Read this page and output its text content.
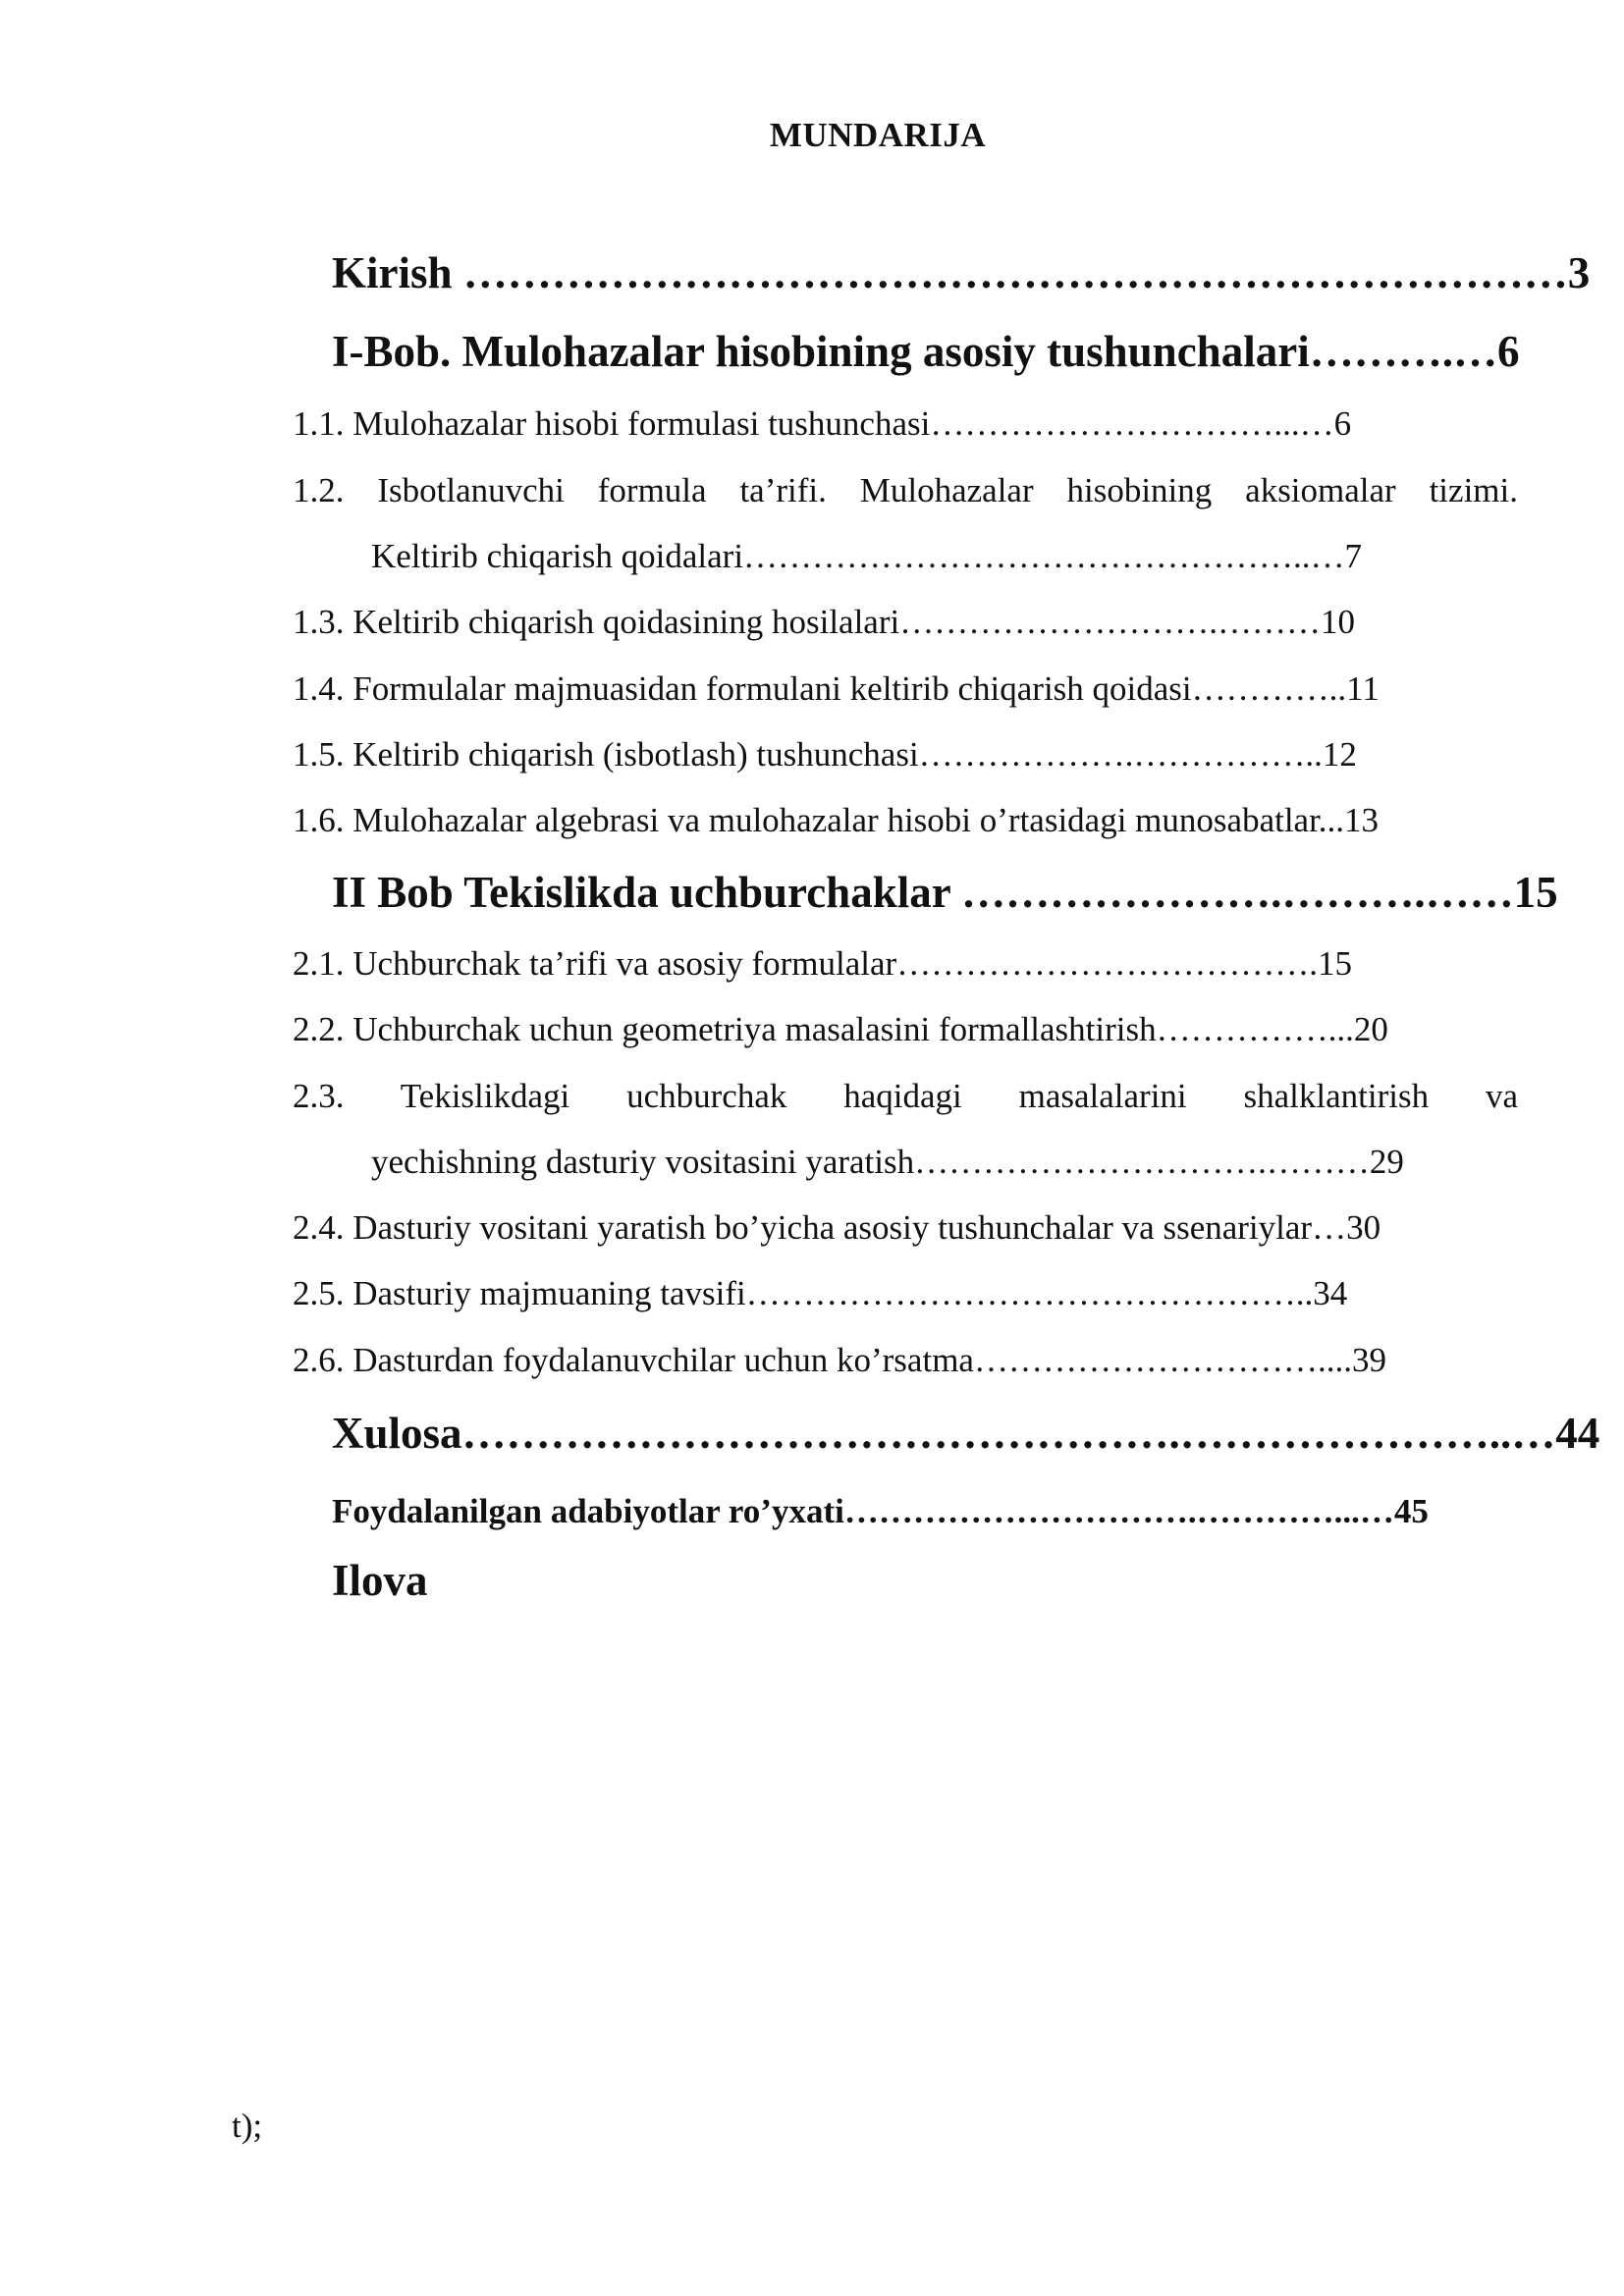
MUNDARIJA
Kirish …………………………………………………………………3
I-Bob. Mulohazalar hisobining asosiy tushunchalari……….…6
1.1. Mulohazalar hisobi formulasi tushunchasi…………………………...…6
1.2. Isbotlanuvchi formula ta’rifi. Mulohazalar hisobining aksiomalar tizimi.
Keltirib chiqarish qoidalari…………………………………………..…7
1.3. Keltirib chiqarish qoidasining hosilalari……………………….………10
1.4. Formulalar majmuasidan formulani keltirib chiqarish qoidasi…………..11
1.5. Keltirib chiqarish (isbotlash) tushunchasi……………….……………..12
1.6. Mulohazalar algebrasi va mulohazalar hisobi o’rtasidagi munosabatlar...13
II Bob Tekislikda uchburchaklar ………………….……….……15
2.1. Uchburchak ta’rifi va asosiy formulalar……………………………….15
2.2. Uchburchak uchun geometriya masalasini formallashtirish……………...20
2.3. Tekislikdagi uchburchak haqidagi masalalarini shalklantirish va
yechishning dasturiy vositasini yaratish………………………….………29
2.4. Dasturiy vositani yaratish bo’yicha asosiy tushunchalar va ssenariylar…30
2.5. Dasturiy majmuaning tavsifi…………………………………………..34
2.6. Dasturdan foydalanuvchilar uchun ko’rsatma…………………………....39
Xulosa………………………………………….…………………..…44
Foydalanilgan adabiyotlar ro’yxati………………………….…………...…45
Ilova
t);
